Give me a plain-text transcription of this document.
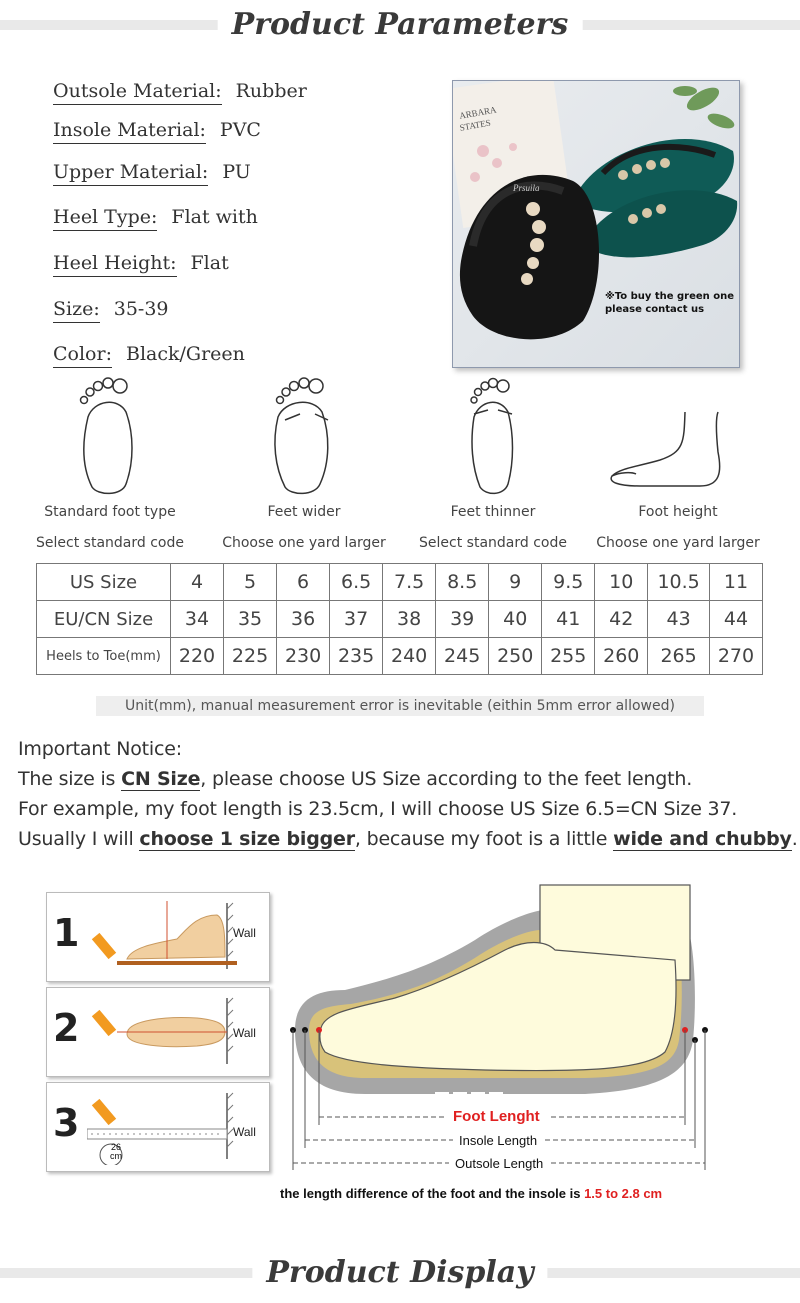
Product Parameters
Outsole Material: Rubber
Insole Material: PVC
Upper Material: PU
Heel Type: Flat with
Heel Height: Flat
Size: 35-39
Color: Black/Green
ARBARA
STATES
Prsuila
※To buy the green one
please contact us
Standard foot type
Select standard code
Feet wider
Choose one yard larger
Feet thinner
Select standard code
Foot height
Choose one yard larger
US Size	4	5	6	6.5	7.5	8.5	9	9.5	10	10.5	11
EU/CN Size	34	35	36	37	38	39	40	41	42	43	44
Heels to Toe(mm)	220	225	230	235	240	245	250	255	260	265	270
Unit(mm), manual measurement error is inevitable (eithin 5mm error allowed)
Important Notice:
The size is CN Size, please choose US Size according to the feet length.
For example, my foot length is 23.5cm, I will choose US Size 6.5=CN Size 37.
Usually I will choose 1 size bigger, because my foot is a little wide and chubby.
1	Wall
2	Wall
3
26 cm
Wall
Foot Lenght
Insole Length
Outsole Length
the length difference of the foot and the insole is 1.5 to 2.8 cm
Product Display
